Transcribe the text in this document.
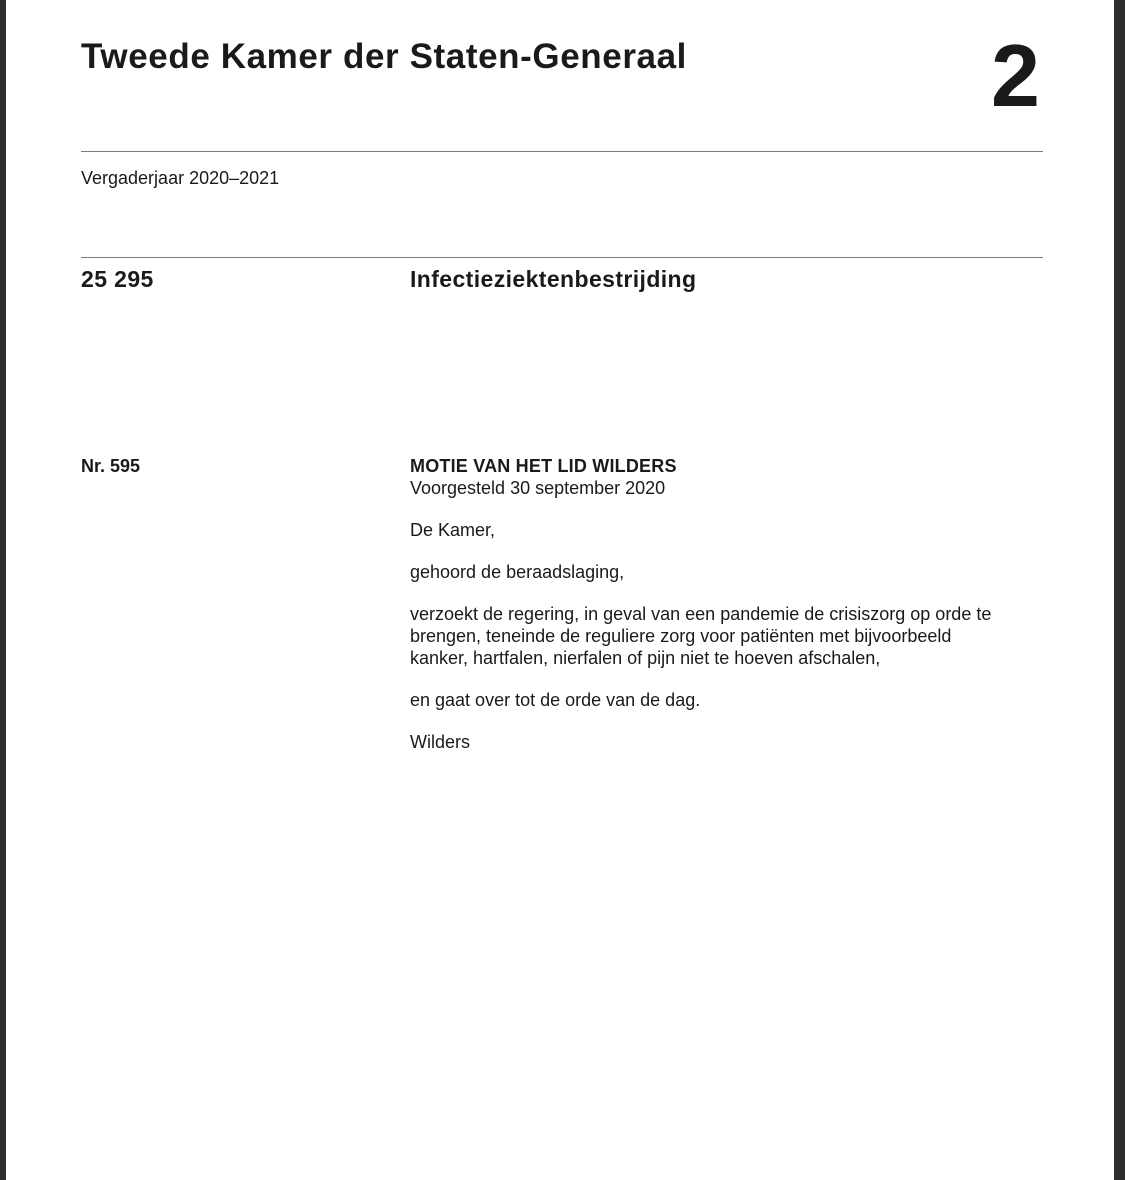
Tweede Kamer der Staten-Generaal	2
Vergaderjaar 2020–2021
25 295	Infectieziektenbestrijding
Nr. 595	MOTIE VAN HET LID WILDERS

Voorgesteld 30 september 2020

De Kamer,

gehoord de beraadslaging,

verzoekt de regering, in geval van een pandemie de crisiszorg op orde te

brengen, teneinde de reguliere zorg voor patiënten met bijvoorbeeld

kanker, hartfalen, nierfalen of pijn niet te hoeven afschalen,

en gaat over tot de orde van de dag.

Wilders
